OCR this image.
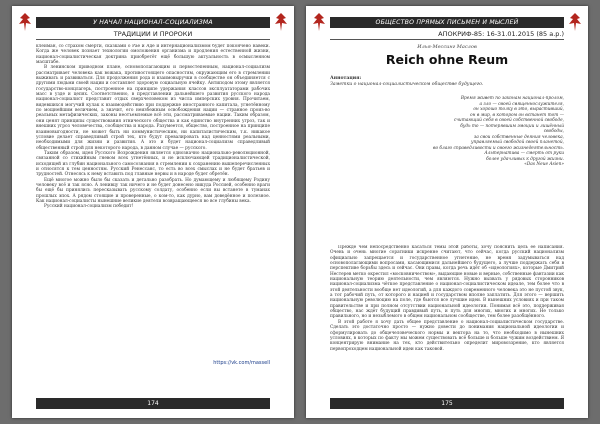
У НАЧАЛ НАЦИОНАЛ-СОЦИАЛИЗМА
ТРАДИЦИИ И ПРОРОКИ

клеиман, со страхом смерти, сказками о Рае и Аде и интернационализмом будет покончено навеки. Когда же человек познает технологии омоложения организма и продления естественной жизни, национал-социалистическая доктрина приобретёт ещё большую актуальность в осмысленном масштабе.

В ленинском приводном плане, основополагающим и первостепенным, национал-социализм рассматривает человека как вожака, противостоящего опасностям, окружающим его в стремлении выживать и развиваться. Для продолжения рода и взаимовыручки в сообществе он объединяется с другими людьми своей нации и составляет здоровую социальную ячейку. Антиподом этому является государство-концлагерь, построенное на принципе удержания классов эксплуататорами рабочих масс в узде и цепях. Соответственно, в представлении дальнейшего развития русского народа национал-социалист представит отдых сверхчеловеком из числа имперских уровня. Прочитаем, видевшихся могучий кулак к взаимодействию при поддержке иностранного капитала, угнетённому по мощнейшим величием, а значит, его неизбежным освобождения нации — странное произ-во реальных метафизических, законы неотъемлемые всё эти, рассматриваемые нации. Таким образом, они ценят принципы существования этнического общества и как единство внутренних угроз, так и внешних угроз человечества, сообщества и народа. Разумеется, общество, построенное на принципе взаимовыгодности, не может быть ни коммунистическим, ни капиталистическим, т.к. никакое условие делает справедливый строй тех, кто будут превалировать над ценностями реальными, необходимыми для жизни и развития. А это и будет национал-социализм справедливый общественный строй для некоторого народа, в данном случае — русского.

Таким образом, идея Русского Возрождения является однозначно национально-революционной, связанной со стихийным гневом всех угнетённых, и не исключающей традиционалистической, исходящей из глубин национального самосознания в стремлении к сохранению вышеперечисленных и относятся к тем ценностям. Русский Ренессанс, то есть во всех смыслах и не будет братьев и трудностей. Отнесясь к нему вставить под главные нервы и в народе будет обретён.

Ещё многое можно было бы сказать и детально разобрать. Но думающему и любящему Родину человеку всё и так ясно. А ленивцу так ничего и не будет донесено никуда Россией, особенно враги бы ещё бы принялись пересказывать русскому солдату, особенно если вы встанете в туманах прошлых эпох. А рядом стоящие и проверенные, о ком-то, как дурно, вам доведённое и полезное. Как национал-социалисты нынешние великие деятели возвращающееся во все глубины века.

Русский национал-социализм победит!

https://vk.com/massell
174
ОБЩЕСТВО ПРЯМЫХ ПИСЬМЕН И МЫСЛЕЙ
АПОКРИФ-85: 16-31.01.2015 (85 а.р.)
Илья-Мессинг Маслов
Reich ohne Reum
Аннотация:
Заметки о национал-социалистическом обществе будущего.
Время живет по законам национал-пролом,
а зло — своей священнослужителя,
он хорошо толку в это, вырастивший,
он в мир, в котором он встанет тот —
считающий себя в своей собственной свободе,
будь то — потерявшим эмоции и лишённый
свободы,
за свои собственные деяния человека,
управляемый свободой своей планетой,
во благо справедливости и своего жизнедеятельность.
Альтернатива — смерть от руки
более удачливых к другой жизни.
«Das Neue Asien»

Прежде чем непосредственно касаться темы этой работы, хочу пояснить цель её написания. Очень и очень многие соратники искренне считают, что сейчас, когда русский национализм официально запрещается и государственное угнетение, не время задумываться над основополагающими вопросами, касающимися дальнейшего будущего, а лучше поддержать себя в перспективе борьбы здесь и сейчас. Они правы, когда речь идёт об «идеологиях», которые Дмитрий Нестерев метко окрестил «московничеством», выдающие новые и верные, собственные фантазии как национальную теорию деятельности, чем являются. Нужно вызвать у рядовых сторонников национал-социализма чёткое представление о национал-социалистическом идеале, тем более что в этой деятельности вообще нет идеологий, а для каждого современного человека это не пустой звук, а тот рабочий путь, от которого и нацией и государством вполне заплатить. Для этого — вершить национальную революцию на поле, где бьются все лучшие идеи. В нынешних условиях и при таком правительстве и при полном отсутствии национальной идеологии. Понимая всё это, поддерживая общество, нас ждёт будущий правдивый путь, и путь для многих, многих и многих. Не только правильного, но и незыблемого в общем национальном сообществе, тем более разобщённого.

В этой работе я хочу дать общее представление о национал-социалистическом государстве. Сделать это достаточно просто — нужно довести до понимания национальной идеологии и сформулировать до общечеловеческого нормы и вектора на то, что необходимо в нынешних условиях, в которых по факту мы можем существовать всё больше и больше чужим воздействием. Я концентрирую внимание на тех, кто действительно определит мировоззрение, кто является первопроходцем национальной идеи как таковой.

175
